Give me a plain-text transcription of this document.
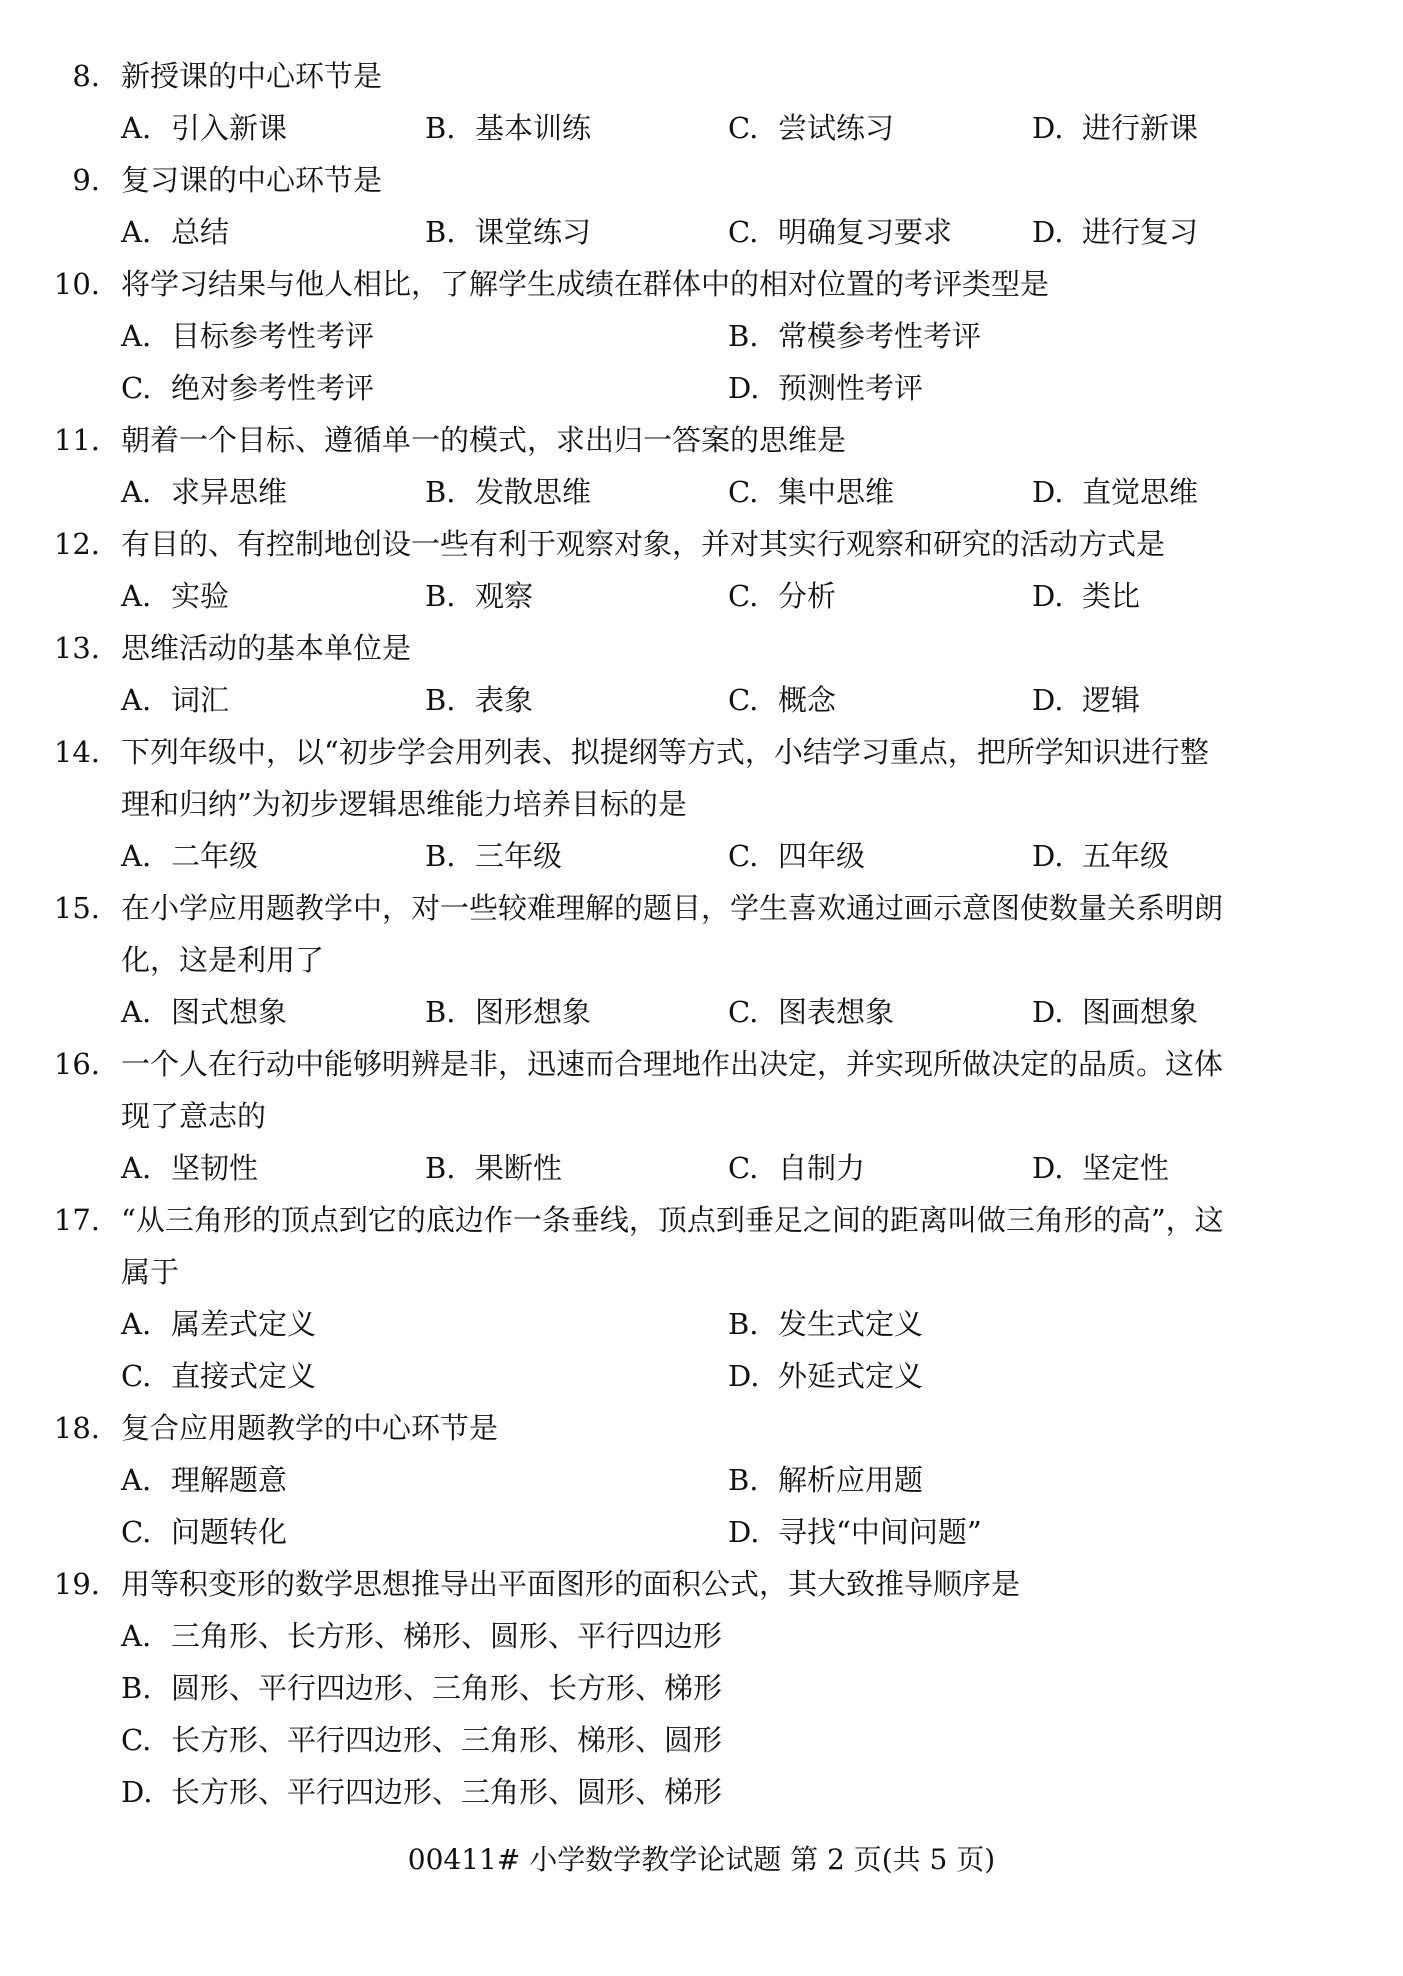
8. 新授课的中心环节是
A. 引入新课	B. 基本训练	C. 尝试练习	D. 进行新课
9. 复习课的中心环节是
A. 总结	B. 课堂练习	C. 明确复习要求	D. 进行复习
10. 将学习结果与他人相比，了解学生成绩在群体中的相对位置的考评类型是
A. 目标参考性考评	B. 常模参考性考评
C. 绝对参考性考评	D. 预测性考评
11. 朝着一个目标、遵循单一的模式，求出归一答案的思维是
A. 求异思维	B. 发散思维	C. 集中思维	D. 直觉思维
12. 有目的、有控制地创设一些有利于观察对象，并对其实行观察和研究的活动方式是
A. 实验	B. 观察	C. 分析	D. 类比
13. 思维活动的基本单位是
A. 词汇	B. 表象	C. 概念	D. 逻辑
14. 下列年级中，以“初步学会用列表、拟提纲等方式，小结学习重点，把所学知识进行整
理和归纳”为初步逻辑思维能力培养目标的是
A. 二年级	B. 三年级	C. 四年级	D. 五年级
15. 在小学应用题教学中，对一些较难理解的题目，学生喜欢通过画示意图使数量关系明朗
化，这是利用了
A. 图式想象	B. 图形想象	C. 图表想象	D. 图画想象
16. 一个人在行动中能够明辨是非，迅速而合理地作出决定，并实现所做决定的品质。这体
现了意志的
A. 坚韧性	B. 果断性	C. 自制力	D. 坚定性
17. “从三角形的顶点到它的底边作一条垂线，顶点到垂足之间的距离叫做三角形的高”，这
属于
A. 属差式定义	B. 发生式定义
C. 直接式定义	D. 外延式定义
18. 复合应用题教学的中心环节是
A. 理解题意	B. 解析应用题
C. 问题转化	D. 寻找“中间问题”
19. 用等积变形的数学思想推导出平面图形的面积公式，其大致推导顺序是
A. 三角形、长方形、梯形、圆形、平行四边形
B. 圆形、平行四边形、三角形、长方形、梯形
C. 长方形、平行四边形、三角形、梯形、圆形
D. 长方形、平行四边形、三角形、圆形、梯形
00411# 小学数学教学论试题 第 2 页(共 5 页)
